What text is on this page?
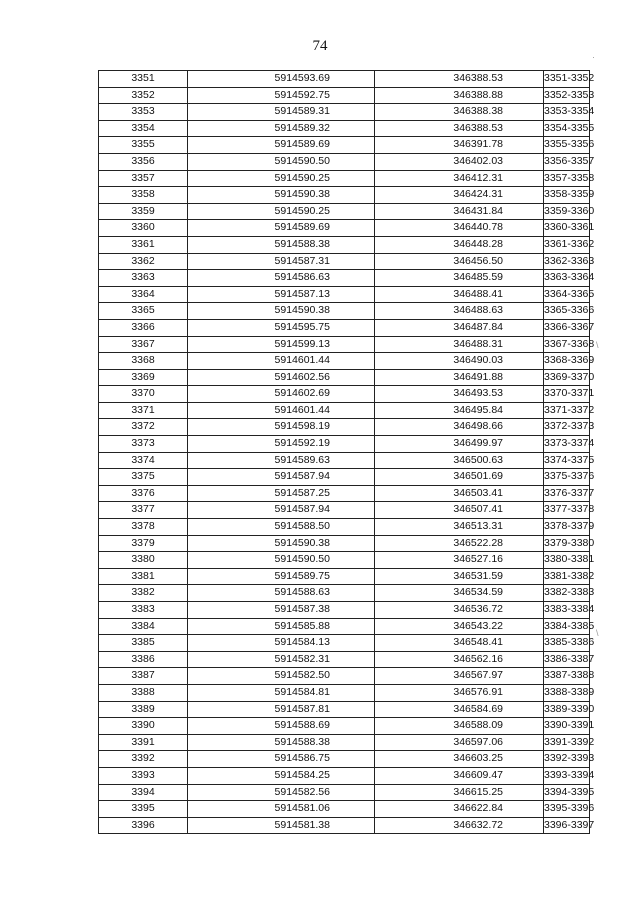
74
3351	5914593.69	346388.53	3351-3352
3352	5914592.75	346388.88	3352-3353
3353	5914589.31	346388.38	3353-3354
3354	5914589.32	346388.53	3354-3355
3355	5914589.69	346391.78	3355-3356
3356	5914590.50	346402.03	3356-3357
3357	5914590.25	346412.31	3357-3358
3358	5914590.38	346424.31	3358-3359
3359	5914590.25	346431.84	3359-3360
3360	5914589.69	346440.78	3360-3361
3361	5914588.38	346448.28	3361-3362
3362	5914587.31	346456.50	3362-3363
3363	5914586.63	346485.59	3363-3364
3364	5914587.13	346488.41	3364-3365
3365	5914590.38	346488.63	3365-3366
3366	5914595.75	346487.84	3366-3367
3367	5914599.13	346488.31	3367-3368
3368	5914601.44	346490.03	3368-3369
3369	5914602.56	346491.88	3369-3370
3370	5914602.69	346493.53	3370-3371
3371	5914601.44	346495.84	3371-3372
3372	5914598.19	346498.66	3372-3373
3373	5914592.19	346499.97	3373-3374
3374	5914589.63	346500.63	3374-3375
3375	5914587.94	346501.69	3375-3376
3376	5914587.25	346503.41	3376-3377
3377	5914587.94	346507.41	3377-3378
3378	5914588.50	346513.31	3378-3379
3379	5914590.38	346522.28	3379-3380
3380	5914590.50	346527.16	3380-3381
3381	5914589.75	346531.59	3381-3382
3382	5914588.63	346534.59	3382-3383
3383	5914587.38	346536.72	3383-3384
3384	5914585.88	346543.22	3384-3385
3385	5914584.13	346548.41	3385-3386
3386	5914582.31	346562.16	3386-3387
3387	5914582.50	346567.97	3387-3388
3388	5914584.81	346576.91	3388-3389
3389	5914587.81	346584.69	3389-3390
3390	5914588.69	346588.09	3390-3391
3391	5914588.38	346597.06	3391-3392
3392	5914586.75	346603.25	3392-3393
3393	5914584.25	346609.47	3393-3394
3394	5914582.56	346615.25	3394-3395
3395	5914581.06	346622.84	3395-3396
3396	5914581.38	346632.72	3396-3397
·
\
\
